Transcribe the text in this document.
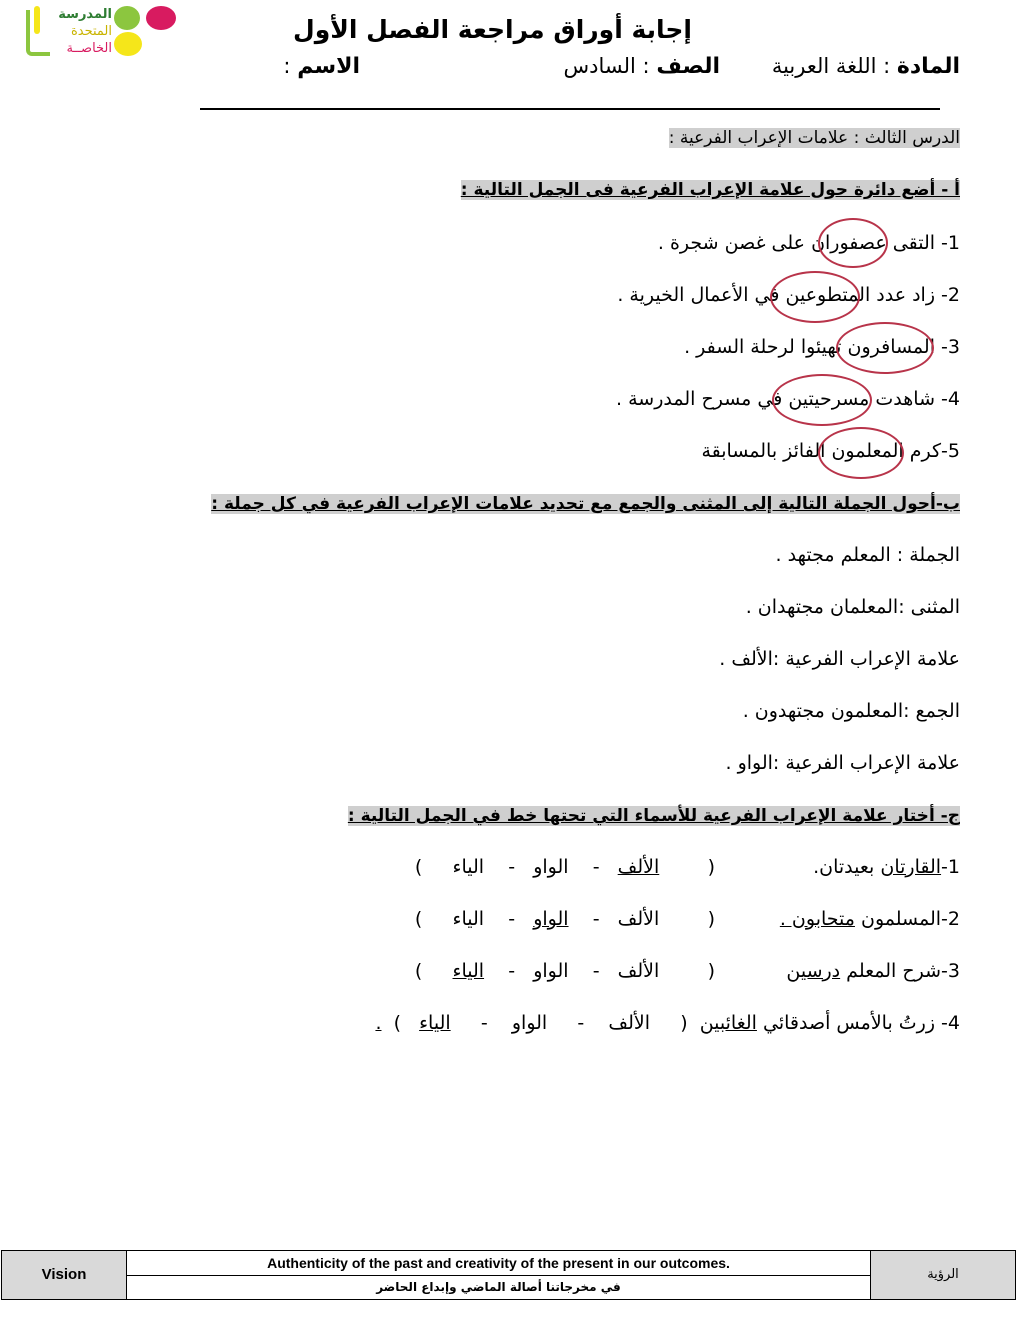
المدرسة
المتحدة
الخاصــة
إجابة أوراق مراجعة الفصل الأول
المادة : اللغة العربية
الصف : السادس
الاسم :
الدرس الثالث : علامات الإعراب الفرعية :
أ - أضع دائرة حول علامة الإعراب الفرعية فى الجمل التالية :
1- التقى عصفوران على غصن شجرة .
2- زاد عدد المتطوعين في الأعمال الخيرية .
3- المسافرون تهيئوا لرحلة السفر .
4- شاهدت مسرحيتين في مسرح المدرسة .
5-كرم المعلمون الفائز بالمسابقة
ب-أحول الجملة التالية إلى المثنى والجمع مع تحديد علامات الإعراب الفرعية في كل جملة :
الجملة : المعلم مجتهد .
المثنى :المعلمان مجتهدان .
علامة الإعراب الفرعية :الألف .
الجمع :المعلمون مجتهدون .
علامة الإعراب الفرعية :الواو .
ج- أختار علامة الإعراب الفرعية للأسماء التي تحتها خط في الجمل التالية :
1-القارتان بعيدتان.
(        الألف   -    الواو   -    الياء     )
2-المسلمون متحابون .
(        الألف   -    الواو   -    الياء     )
3-شرح المعلم درسين
(        الألف   -    الواو   -    الياء     )
4- زرتُ بالأمس أصدقائي الغائبين  (     الألف    -     الواو    -     الياء   )  .
Vision
Authenticity of the past and creativity of the present in our outcomes.
في مخرجاتنا أصالة الماضي وإبداع الحاضر
الرؤية
